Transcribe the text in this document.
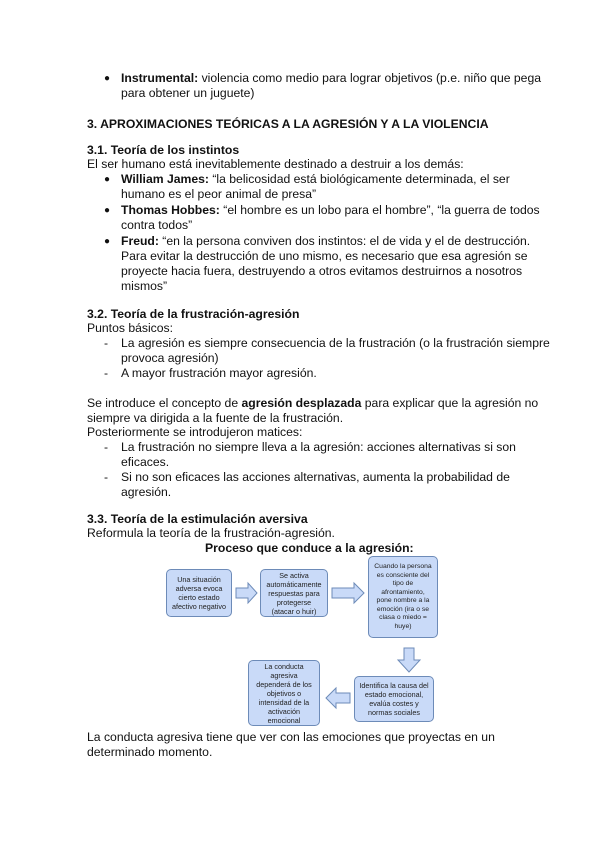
● Instrumental: violencia como medio para lograr objetivos (p.e. niño que pega
para obtener un juguete)
3. APROXIMACIONES TEÓRICAS A LA AGRESIÓN Y A LA VIOLENCIA
3.1. Teoría de los instintos
El ser humano está inevitablemente destinado a destruir a los demás:
● William James: “la belicosidad está biológicamente determinada, el ser
humano es el peor animal de presa”
● Thomas Hobbes: “el hombre es un lobo para el hombre”, “la guerra de todos
contra todos”
● Freud: “en la persona conviven dos instintos: el de vida y el de destrucción.
Para evitar la destrucción de uno mismo, es necesario que esa agresión se
proyecte hacia fuera, destruyendo a otros evitamos destruirnos a nosotros
mismos”
3.2. Teoría de la frustración-agresión
Puntos básicos:
- La agresión es siempre consecuencia de la frustración (o la frustración siempre
provoca agresión)
- A mayor frustración mayor agresión.
Se introduce el concepto de agresión desplazada para explicar que la agresión no
siempre va dirigida a la fuente de la frustración.
Posteriormente se introdujeron matices:
- La frustración no siempre lleva a la agresión: acciones alternativas si son
eficaces.
- Si no son eficaces las acciones alternativas, aumenta la probabilidad de
agresión.
3.3. Teoría de la estimulación aversiva
Reformula la teoría de la frustración-agresión.
Proceso que conduce a la agresión:
Una situación adversa evoca cierto estado afectivo negativo
Se activa automáticamente respuestas para protegerse (atacar o huir)
Cuando la persona es consciente del tipo de afrontamiento, pone nombre a la emoción (ira o se clasa o miedo = huye)
Identifica la causa del estado emocional, evalúa costes y normas sociales
La conducta agresiva dependerá de los objetivos o intensidad de la activación emocional
La conducta agresiva tiene que ver con las emociones que proyectas en un
determinado momento.
